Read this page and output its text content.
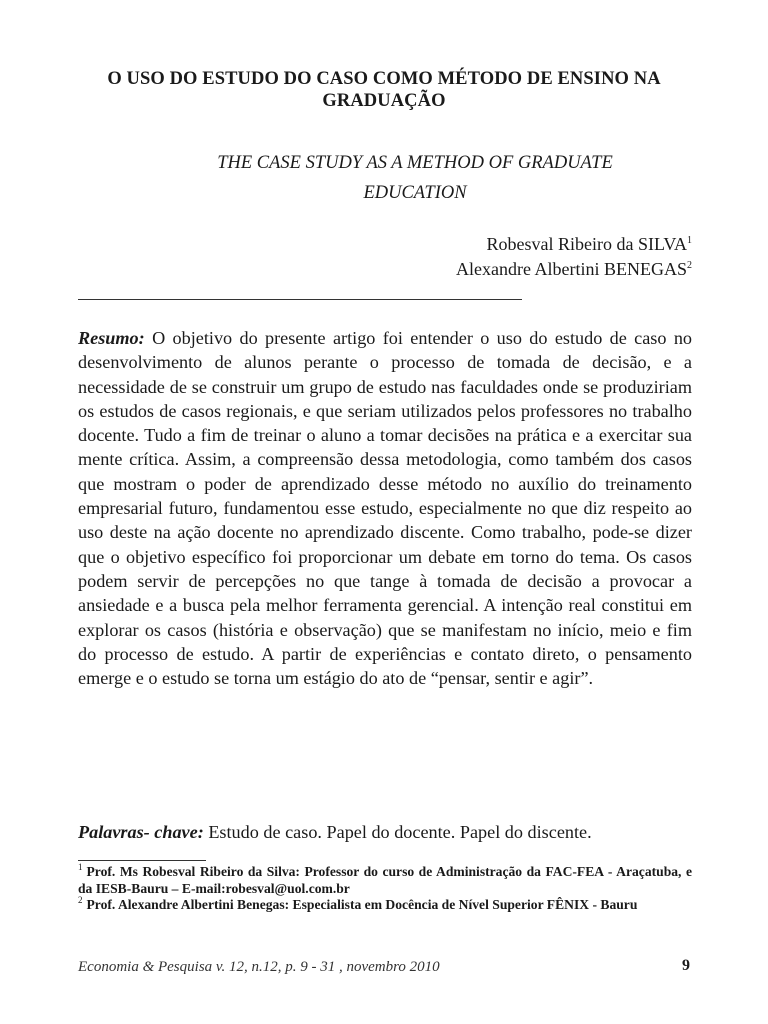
O USO DO ESTUDO DO CASO COMO MÉTODO DE ENSINO NA GRADUAÇÃO
THE CASE STUDY AS A METHOD OF GRADUATE
EDUCATION
Robesval Ribeiro da SILVA$^1$
Alexandre Albertini BENEGAS$^2$
Resumo: O objetivo do presente artigo foi entender o uso do estudo de caso no desenvolvimento de alunos perante o processo de tomada de decisão, e a necessidade de se construir um grupo de estudo nas faculdades onde se produziriam os estudos de casos regionais, e que seriam utilizados pelos professores no trabalho docente. Tudo a fim de treinar o aluno a tomar decisões na prática e a exercitar sua mente crítica. Assim, a compreensão dessa metodologia, como também dos casos que mostram o poder de aprendizado desse método no auxílio do treinamento empresarial futuro, fundamentou esse estudo, especialmente no que diz respeito ao uso deste na ação docente no aprendizado discente. Como trabalho, pode-se dizer que o objetivo específico foi proporcionar um debate em torno do tema. Os casos podem servir de percepções no que tange à tomada de decisão a provocar a ansiedade e a busca pela melhor ferramenta gerencial. A intenção real constitui em explorar os casos (história e observação) que se manifestam no início, meio e fim do processo de estudo. A partir de experiências e contato direto, o pensamento emerge e o estudo se torna um estágio do ato de “pensar, sentir e agir”.
Palavras- chave: Estudo de caso. Papel do docente. Papel do discente.

$^1$ Prof. Ms Robesval Ribeiro da Silva: Professor do curso de Administração da FAC-FEA - Araçatuba, e da IESB-Bauru – E-mail:robesval@uol.com.br

$^2$ Prof. Alexandre Albertini Benegas: Especialista em Docência de Nível Superior FÊNIX - Bauru

Economia & Pesquisa v. 12, n.12, p. 9 - 31 , novembro 2010	9
